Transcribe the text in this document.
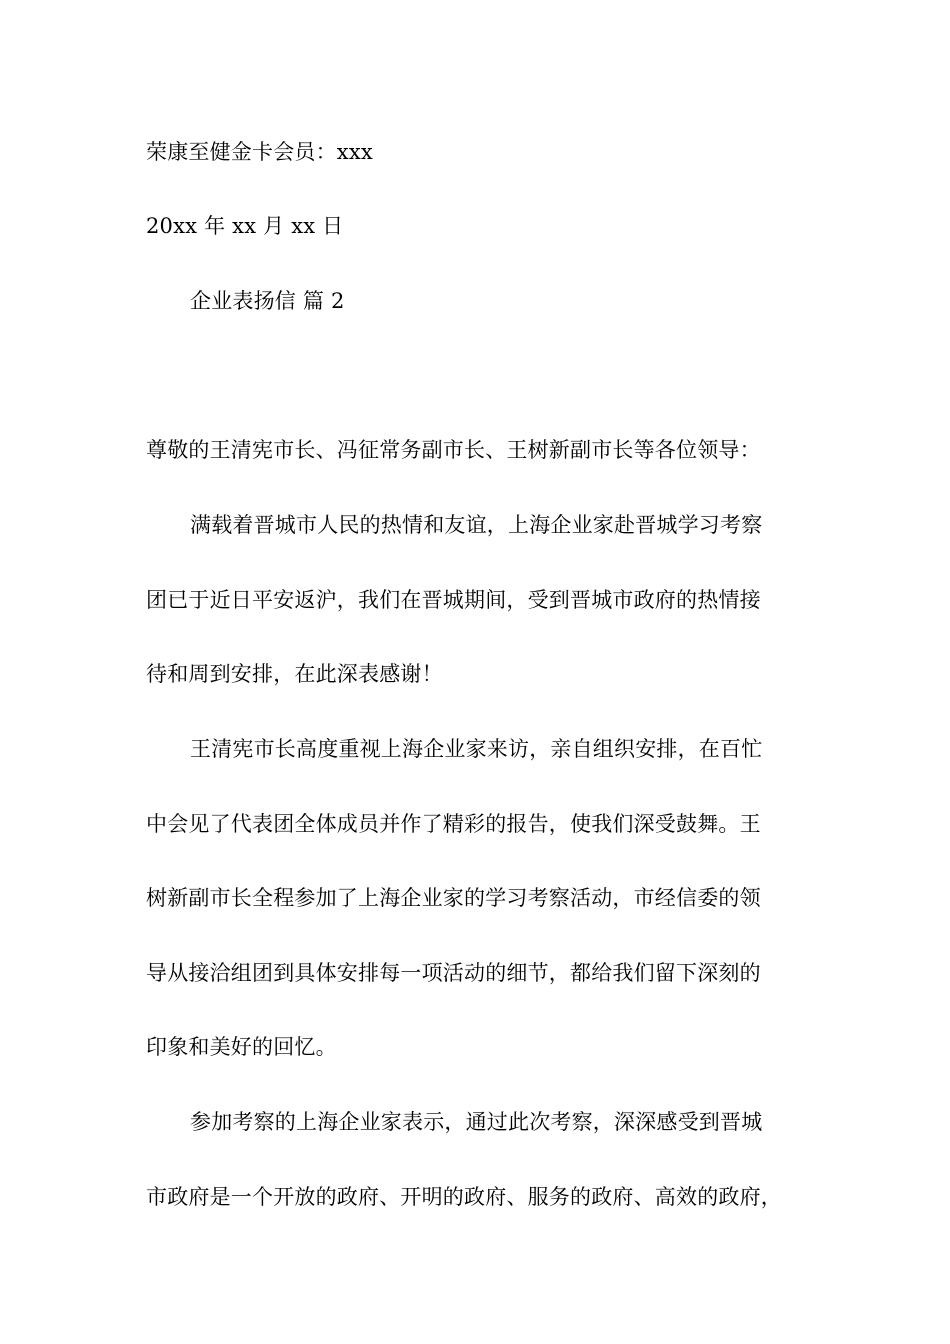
荣康至健金卡会员：xxx
20xx 年 xx 月 xx 日
企业表扬信 篇 2
尊敬的王清宪市长、冯征常务副市长、王树新副市长等各位领导：
满载着晋城市人民的热情和友谊，上海企业家赴晋城学习考察
团已于近日平安返沪，我们在晋城期间，受到晋城市政府的热情接
待和周到安排，在此深表感谢！
王清宪市长高度重视上海企业家来访，亲自组织安排，在百忙
中会见了代表团全体成员并作了精彩的报告，使我们深受鼓舞。王
树新副市长全程参加了上海企业家的学习考察活动，市经信委的领
导从接洽组团到具体安排每一项活动的细节，都给我们留下深刻的
印象和美好的回忆。
参加考察的上海企业家表示，通过此次考察，深深感受到晋城
市政府是一个开放的政府、开明的政府、服务的政府、高效的政府，
